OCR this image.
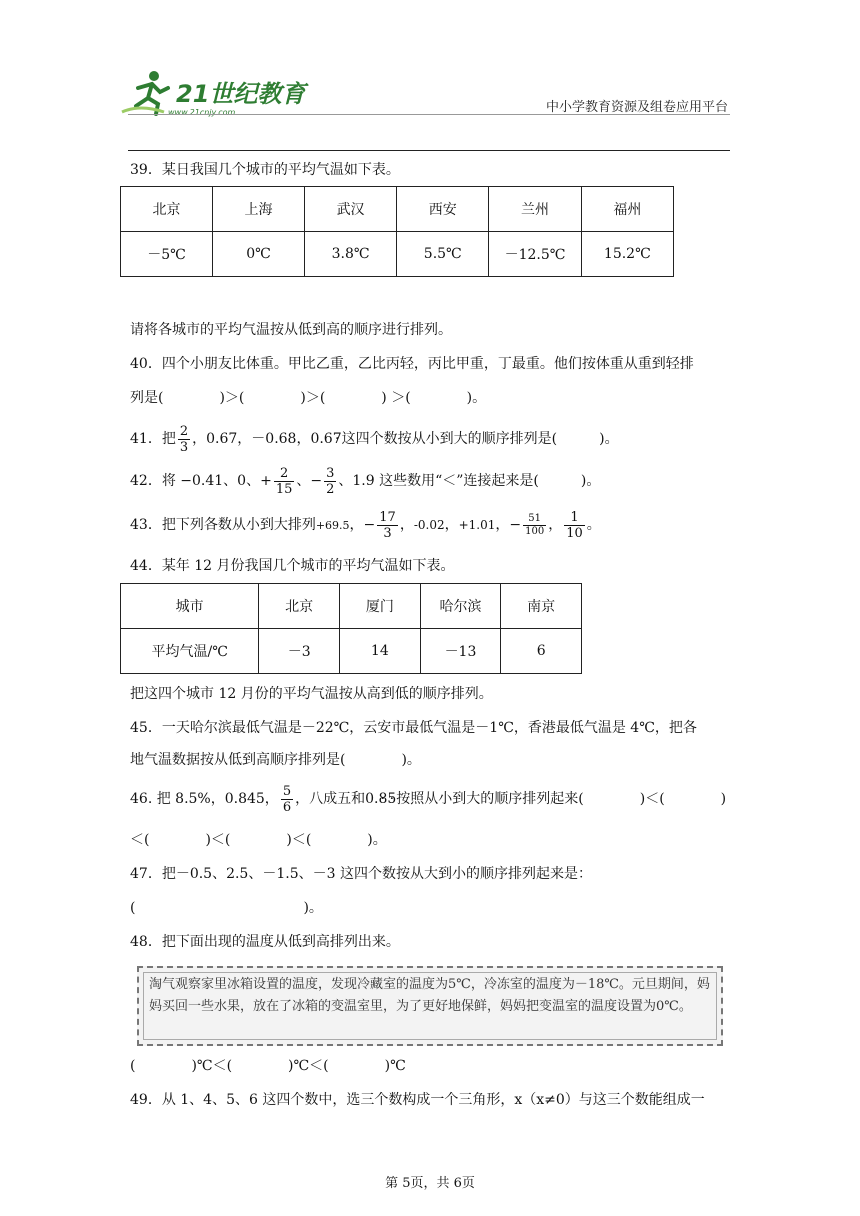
21世纪教育
www.21cnjy.com	中小学教育资源及组卷应用平台
39．某日我国几个城市的平均气温如下表。
北京	上海	武汉	西安	兰州	福州
－5℃	0℃	3.8℃	5.5℃	－12.5℃	15.2℃
请将各城市的平均气温按从低到高的顺序进行排列。
40．四个小朋友比体重。甲比乙重，乙比丙轻，丙比甲重，丁最重。他们按体重从重到轻排
列是(　　　　)＞(　　　　)＞(　　　　) ＞(　　　　)。
41．把 $\frac{2}{3}$ ，0.67，－0.68，0.67 ·这四个数按从小到大的顺序排列是(　　　)。
42．将 −0.41、0、+ $\frac{2}{15}$ 、− $\frac{3}{2}$ 、1.9 这些数用“＜”连接起来是(　　　)。
43．把下列各数从小到大排列+69.5，− $\frac{17}{3}$ ，-0.02，+1.01，− $\frac{51}{100}$ ， $\frac{1}{10}$ 。
44．某年 12 月份我国几个城市的平均气温如下表。
城市	北京	厦门	哈尔滨	南京
平均气温/℃	－3	14	－13	6
把这四个城市 12 月份的平均气温按从高到低的顺序排列。
45．一天哈尔滨最低气温是－22℃，云安市最低气温是－1℃，香港最低气温是 4℃，把各
地气温数据按从低到高顺序排列是(　　　　)。
46. 把 8.5%，0.845， $\frac{5}{6}$ ，八成五和0.8 ·5 ·按照从小到大的顺序排列起来(　　　　)＜(　　　　)
＜(　　　　)＜(　　　　)＜(　　　　)。
47．把－0.5、2.5、－1.5、－3 这四个数按从大到小的顺序排列起来是：
(　　　　　　　　　　　　)。
48．把下面出现的温度从低到高排列出来。
淘气观察家里冰箱设置的温度，发现冷藏室的温度为5℃，冷冻室的温度为－18℃。元旦期间，妈妈买回一些水果，放在了冰箱的变温室里，为了更好地保鲜，妈妈把变温室的温度设置为0℃。
(　　　　)℃＜(　　　　)℃＜(　　　　)℃
49．从 1、4、5、6 这四个数中，选三个数构成一个三角形，x（x≠0）与这三个数能组成一
第 5页，共 6页
